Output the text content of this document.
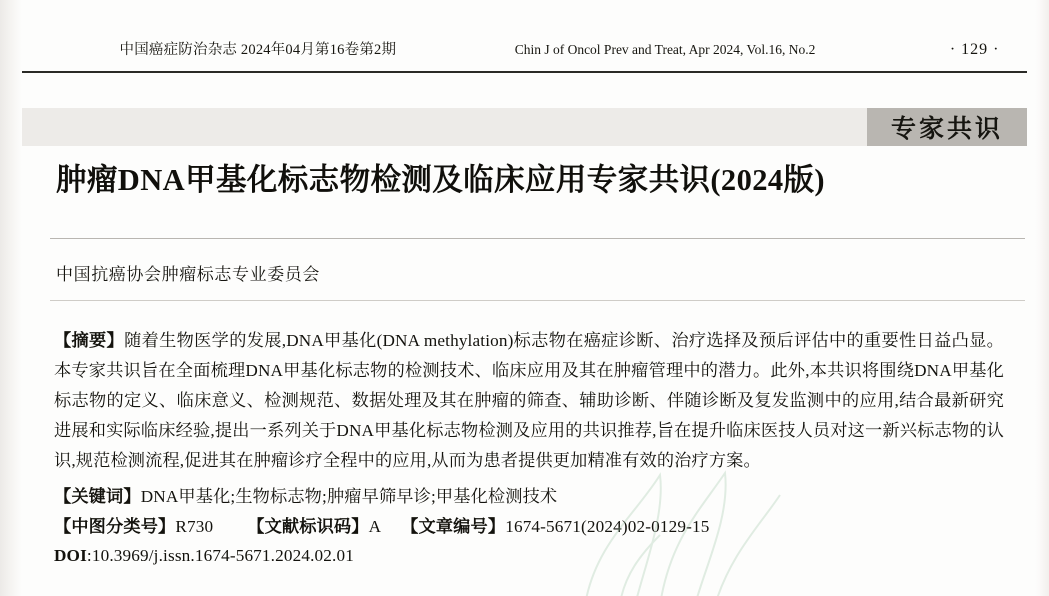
中国癌症防治杂志 2024年04月第16卷第2期	Chin J of Oncol Prev and Treat, Apr 2024, Vol.16, No.2	· 129 ·
专家共识
肿瘤DNA甲基化标志物检测及临床应用专家共识(2024版)
中国抗癌协会肿瘤标志专业委员会
【摘要】随着生物医学的发展,DNA甲基化(DNA methylation)标志物在癌症诊断、治疗选择及预后评估中的重要性日益凸显。本专家共识旨在全面梳理DNA甲基化标志物的检测技术、临床应用及其在肿瘤管理中的潜力。此外,本共识将围绕DNA甲基化标志物的定义、临床意义、检测规范、数据处理及其在肿瘤的筛查、辅助诊断、伴随诊断及复发监测中的应用,结合最新研究进展和实际临床经验,提出一系列关于DNA甲基化标志物检测及应用的共识推荐,旨在提升临床医技人员对这一新兴标志物的认识,规范检测流程,促进其在肿瘤诊疗全程中的应用,从而为患者提供更加精准有效的治疗方案。
【关键词】DNA甲基化;生物标志物;肿瘤早筛早诊;甲基化检测技术
【中图分类号】R730 【文献标识码】A 【文章编号】1674-5671(2024)02-0129-15
DOI:10.3969/j.issn.1674-5671.2024.02.01
